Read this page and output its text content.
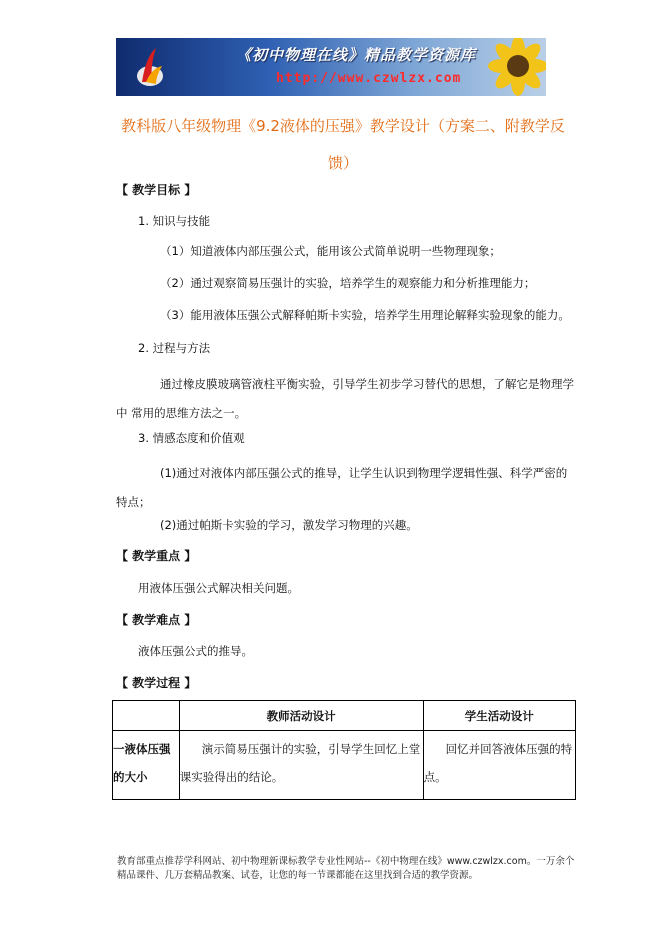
《初中物理在线》精品教学资源库
http://www.czwlzx.com
教科版八年级物理《9.2液体的压强》教学设计（方案二、附教学反馈）
【 教学目标 】
1. 知识与技能
（1）知道液体内部压强公式，能用该公式简单说明一些物理现象；
（2）通过观察简易压强计的实验，培养学生的观察能力和分析推理能力；
（3）能用液体压强公式解释帕斯卡实验，培养学生用理论解释实验现象的能力。
2. 过程与方法
通过橡皮膜玻璃管液柱平衡实验，引导学生初步学习替代的思想，了解它是物理学中 常用的思维方法之一。
3. 情感态度和价值观
(1)通过对液体内部压强公式的推导，让学生认识到物理学逻辑性强、科学严密的特点；
(2)通过帕斯卡实验的学习，激发学习物理的兴趣。
【 教学重点 】
用液体压强公式解决相关问题。
【 教学难点 】
液体压强公式的推导。
【 教学过程 】
	教师活动设计	学生活动设计
一液体压强的大小	演示简易压强计的实验，引导学生回忆上堂课实验得出的结论。	回忆并回答液体压强的特点。
教育部重点推荐学科网站、初中物理新课标教学专业性网站--《初中物理在线》www.czwlzx.com。一万余个精品课件、几万套精品教案、试卷，让您的每一节课都能在这里找到合适的教学资源。
